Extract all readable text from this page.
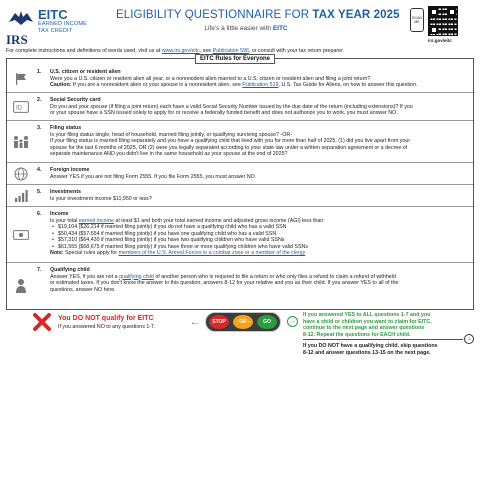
IRS
EITC
EARNED INCOME
TAX CREDIT
ELIGIBILITY QUESTIONNAIRE FOR TAX YEAR 2025
Life's a little easier with EITC
SCAN
ME
irs.gov/eitc
For complete instructions and definitions of words used, visit us at www.irs.gov/eitc, see Publication 596, or consult with your tax return preparer.
EITC Rules for Everyone
1. U.S. citizen or resident alien
Were you a U.S. citizen or resident alien all year, or a nonresident alien married to a U.S. citizen or resident alien and filing a joint return?
Caution: If you are a nonresident alien or your spouse is a nonresident alien, see Publication 519, U.S. Tax Guide for Aliens, on how to answer this question.
ID
2. Social Security card
Do you and your spouse (if filing a joint return) each have a valid Social Security Number issued by the due date of the return (including extensions)? If you
or your spouse have a SSN issued solely to apply for or receive a federally funded benefit and does not authorize you to work, you must answer NO.
3. Filing status
Is your filing status single, head of household, married filing jointly, or qualifying surviving spouse? -OR-
If your filing status is married filing separately and you have a qualifying child that lived with you for more than half of 2025, (1) did you live apart from your
spouse for the last 6 months of 2025, OR (2) were you legally separated according to your state law under a written separation agreement or a decree of
separate maintenance AND you didn't live in the same household as your spouse at the end of 2025?
4. Foreign income
Answer YES if you are not filing Form 2555. If you file Form 2555, you must answer NO.
5. Investments
Is your investment income $11,950 or less?
6. Income
Is your total earned income at least $1 and both your total earned income and adjusted gross income (AGI) less than:
• $19,104 ($26,214 if married filing jointly) if you do not have a qualifying child who has a valid SSN
• $50,434 ($57,554 if married filing jointly) if you have one qualifying child who has a valid SSN
• $57,310 ($64,430 if married filing jointly) if you have two qualifying children who have valid SSNs
• $61,555 ($68,675 if married filing jointly) if you have three or more qualifying children who have valid SSNs
Note: Special rules apply for members of the U.S. Armed Forces in a combat zone or a member of the clergy
7. Qualifying child
Answer YES, if you are not a qualifying child of another person who is required to file a return or who only files a refund to claim a refund of withheld
or estimated taxes. If you don't know the answer to this question, answers 8-12 for your relative and you as their child. If you answer YES to all of the
questions, answer NO here.
You DO NOT qualify for EITC
If you answered NO to any questions 1-7.	←	STOP	- OR -	GO	→
If you answered YES to ALL questions 1-7 and you
have a child or children you want to claim for EITC,
continue to the next page and answer questions
8-12. Repeat the questions for EACH child.
↓
If you DO NOT have a qualifying child, skip questions
8-12 and answer questions 13-15 on the next page.
